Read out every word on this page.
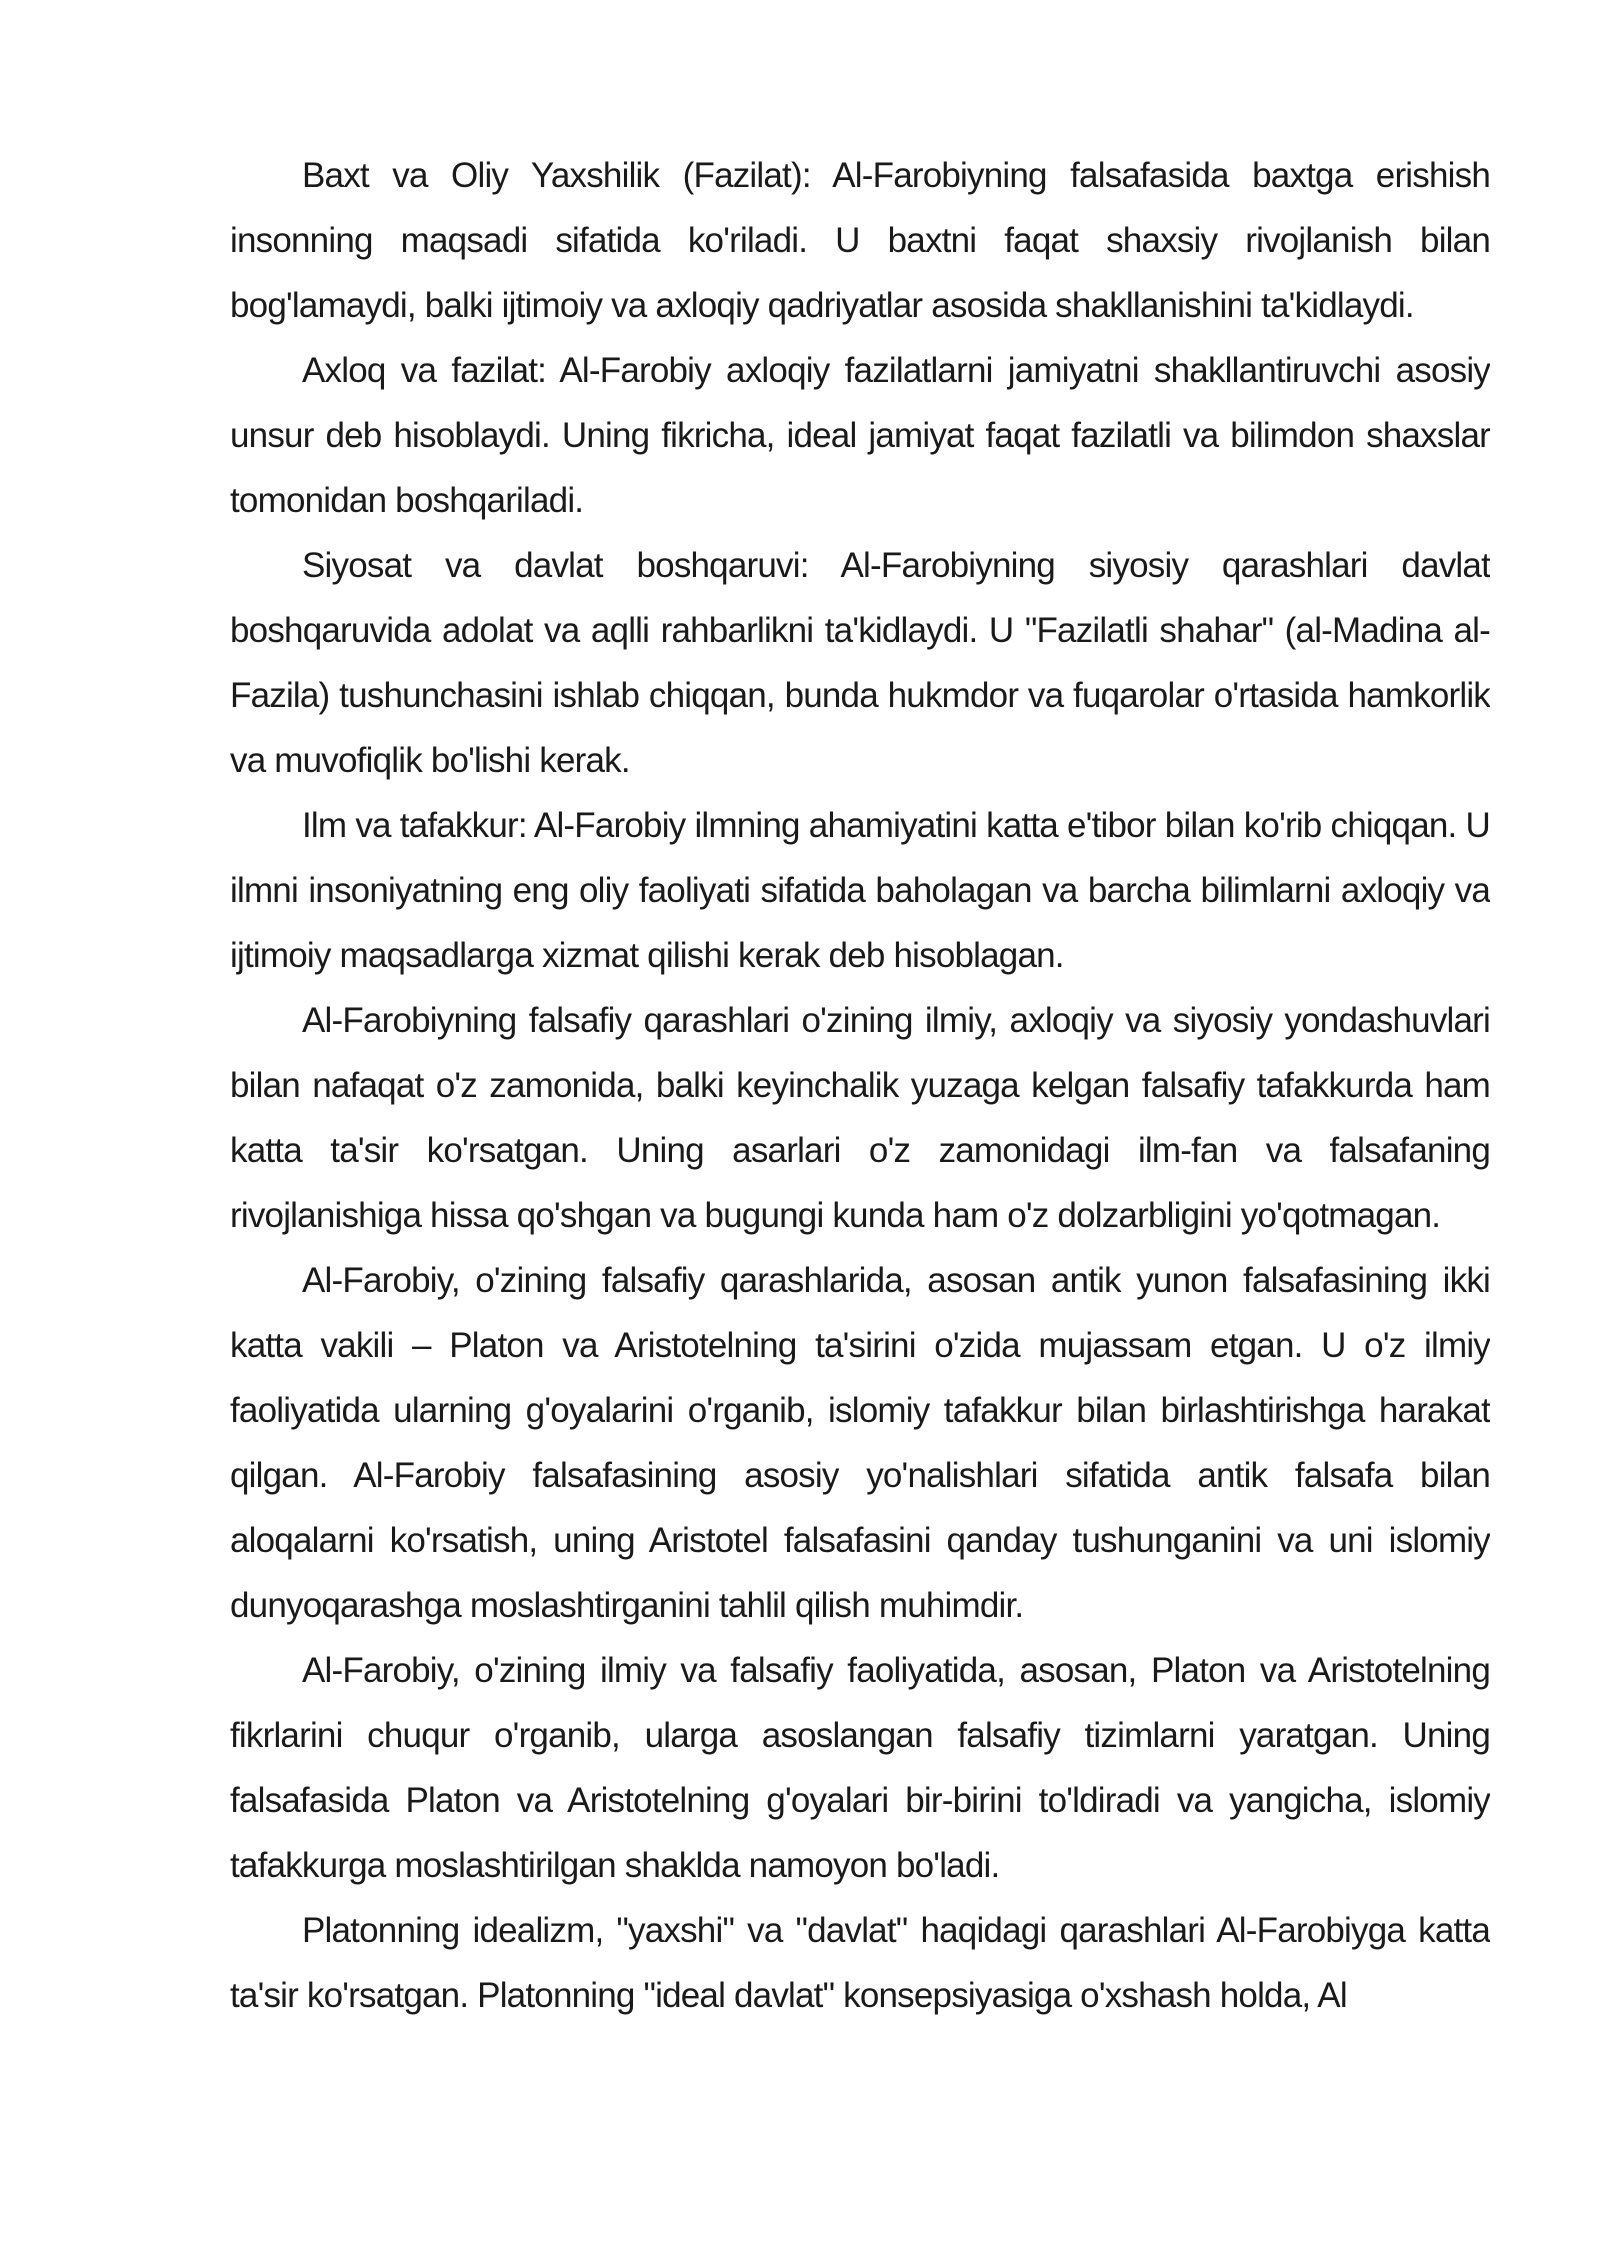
Baxt va Oliy Yaxshilik (Fazilat): Al-Farobiyning falsafasida baxtga erishish insonning maqsadi sifatida ko'riladi. U baxtni faqat shaxsiy rivojlanish bilan bog'lamaydi, balki ijtimoiy va axloqiy qadriyatlar asosida shakllanishini ta'kidlaydi.

Axloq va fazilat: Al-Farobiy axloqiy fazilatlarni jamiyatni shakllantiruvchi asosiy unsur deb hisoblaydi. Uning fikricha, ideal jamiyat faqat fazilatli va bilimdon shaxslar tomonidan boshqariladi.

Siyosat va davlat boshqaruvi: Al-Farobiyning siyosiy qarashlari davlat boshqaruvida adolat va aqlli rahbarlikni ta'kidlaydi. U "Fazilatli shahar" (al-Madina al-Fazila) tushunchasini ishlab chiqqan, bunda hukmdor va fuqarolar o'rtasida hamkorlik va muvofiqlik bo'lishi kerak.

Ilm va tafakkur: Al-Farobiy ilmning ahamiyatini katta e'tibor bilan ko'rib chiqqan. U ilmni insoniyatning eng oliy faoliyati sifatida baholagan va barcha bilimlarni axloqiy va ijtimoiy maqsadlarga xizmat qilishi kerak deb hisoblagan.

Al-Farobiyning falsafiy qarashlari o'zining ilmiy, axloqiy va siyosiy yondashuvlari bilan nafaqat o'z zamonida, balki keyinchalik yuzaga kelgan falsafiy tafakkurda ham katta ta'sir ko'rsatgan. Uning asarlari o'z zamonidagi ilm-fan va falsafaning rivojlanishiga hissa qo'shgan va bugungi kunda ham o'z dolzarbligini yo'qotmagan.

Al-Farobiy, o'zining falsafiy qarashlarida, asosan antik yunon falsafasining ikki katta vakili – Platon va Aristotelning ta'sirini o'zida mujassam etgan. U o'z ilmiy faoliyatida ularning g'oyalarini o'rganib, islomiy tafakkur bilan birlashtirishga harakat qilgan. Al-Farobiy falsafasining asosiy yo'nalishlari sifatida antik falsafa bilan aloqalarni ko'rsatish, uning Aristotel falsafasini qanday tushunganini va uni islomiy dunyoqarashga moslashtirganini tahlil qilish muhimdir.

Al-Farobiy, o'zining ilmiy va falsafiy faoliyatida, asosan, Platon va Aristotelning fikrlarini chuqur o'rganib, ularga asoslangan falsafiy tizimlarni yaratgan. Uning falsafasida Platon va Aristotelning g'oyalari bir-birini to'ldiradi va yangicha, islomiy tafakkurga moslashtirilgan shakldа namoyon bo'ladi.

Platonning idealizm, "yaxshi" va "davlat" haqidagi qarashlari Al-Farobiyga katta ta'sir ko'rsatgan. Platonning "ideal davlat" konsepsiyasiga o'xshash holda, Al
